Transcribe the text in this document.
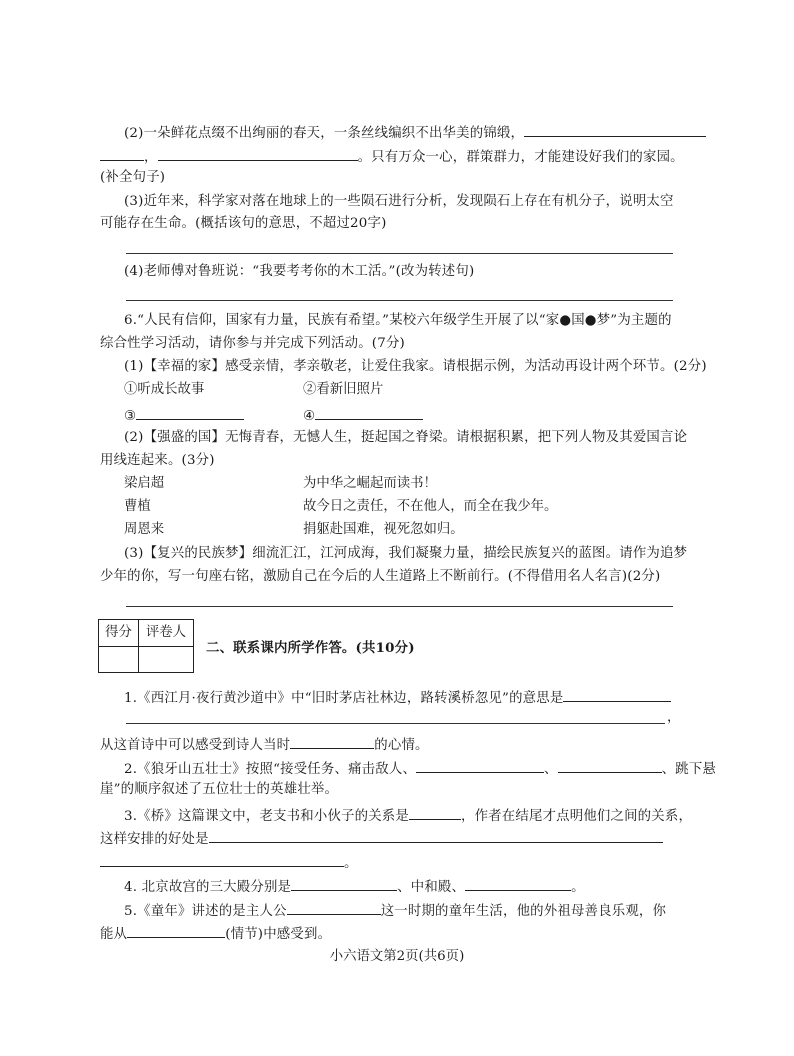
(2)一朵鲜花点缀不出绚丽的春天，一条丝线编织不出华美的锦缎，
，	。只有万众一心，群策群力，才能建设好我们的家园。
(补全句子)
(3)近年来，科学家对落在地球上的一些陨石进行分析，发现陨石上存在有机分子，说明太空
可能存在生命。(概括该句的意思，不超过20字)
(4)老师傅对鲁班说：“我要考考你的木工活。”(改为转述句)
6.“人民有信仰，国家有力量，民族有希望。”某校六年级学生开展了以“家●国●梦”为主题的
综合性学习活动，请你参与并完成下列活动。(7分)
(1)【幸福的家】感受亲情，孝亲敬老，让爱住我家。请根据示例，为活动再设计两个环节。(2分)
①听成长故事	②看新旧照片
③	④
(2)【强盛的国】无悔青春，无憾人生，挺起国之脊梁。请根据积累，把下列人物及其爱国言论
用线连起来。(3分)
梁启超	为中华之崛起而读书！
曹植	故今日之责任，不在他人，而全在我少年。
周恩来	捐躯赴国难，视死忽如归。
(3)【复兴的民族梦】细流汇江，江河成海，我们凝聚力量，描绘民族复兴的蓝图。请作为追梦
少年的你，写一句座右铭，激励自己在今后的人生道路上不断前行。(不得借用名人名言)(2分)
得分	评卷人
二、联系课内所学作答。(共10分)
1.《西江月·夜行黄沙道中》中“旧时茅店社林边，路转溪桥忽见”的意思是
，
从这首诗中可以感受到诗人当时	的心情。
2.《狼牙山五壮士》按照“接受任务、痛击敌人、	、	、跳下悬
崖”的顺序叙述了五位壮士的英雄壮举。
3.《桥》这篇课文中，老支书和小伙子的关系是	，作者在结尾才点明他们之间的关系，
这样安排的好处是
。
4. 北京故宫的三大殿分别是	、中和殿、	。
5.《童年》讲述的是主人公	这一时期的童年生活，他的外祖母善良乐观，你
能从	(情节)中感受到。
小六语文第2页(共6页)
